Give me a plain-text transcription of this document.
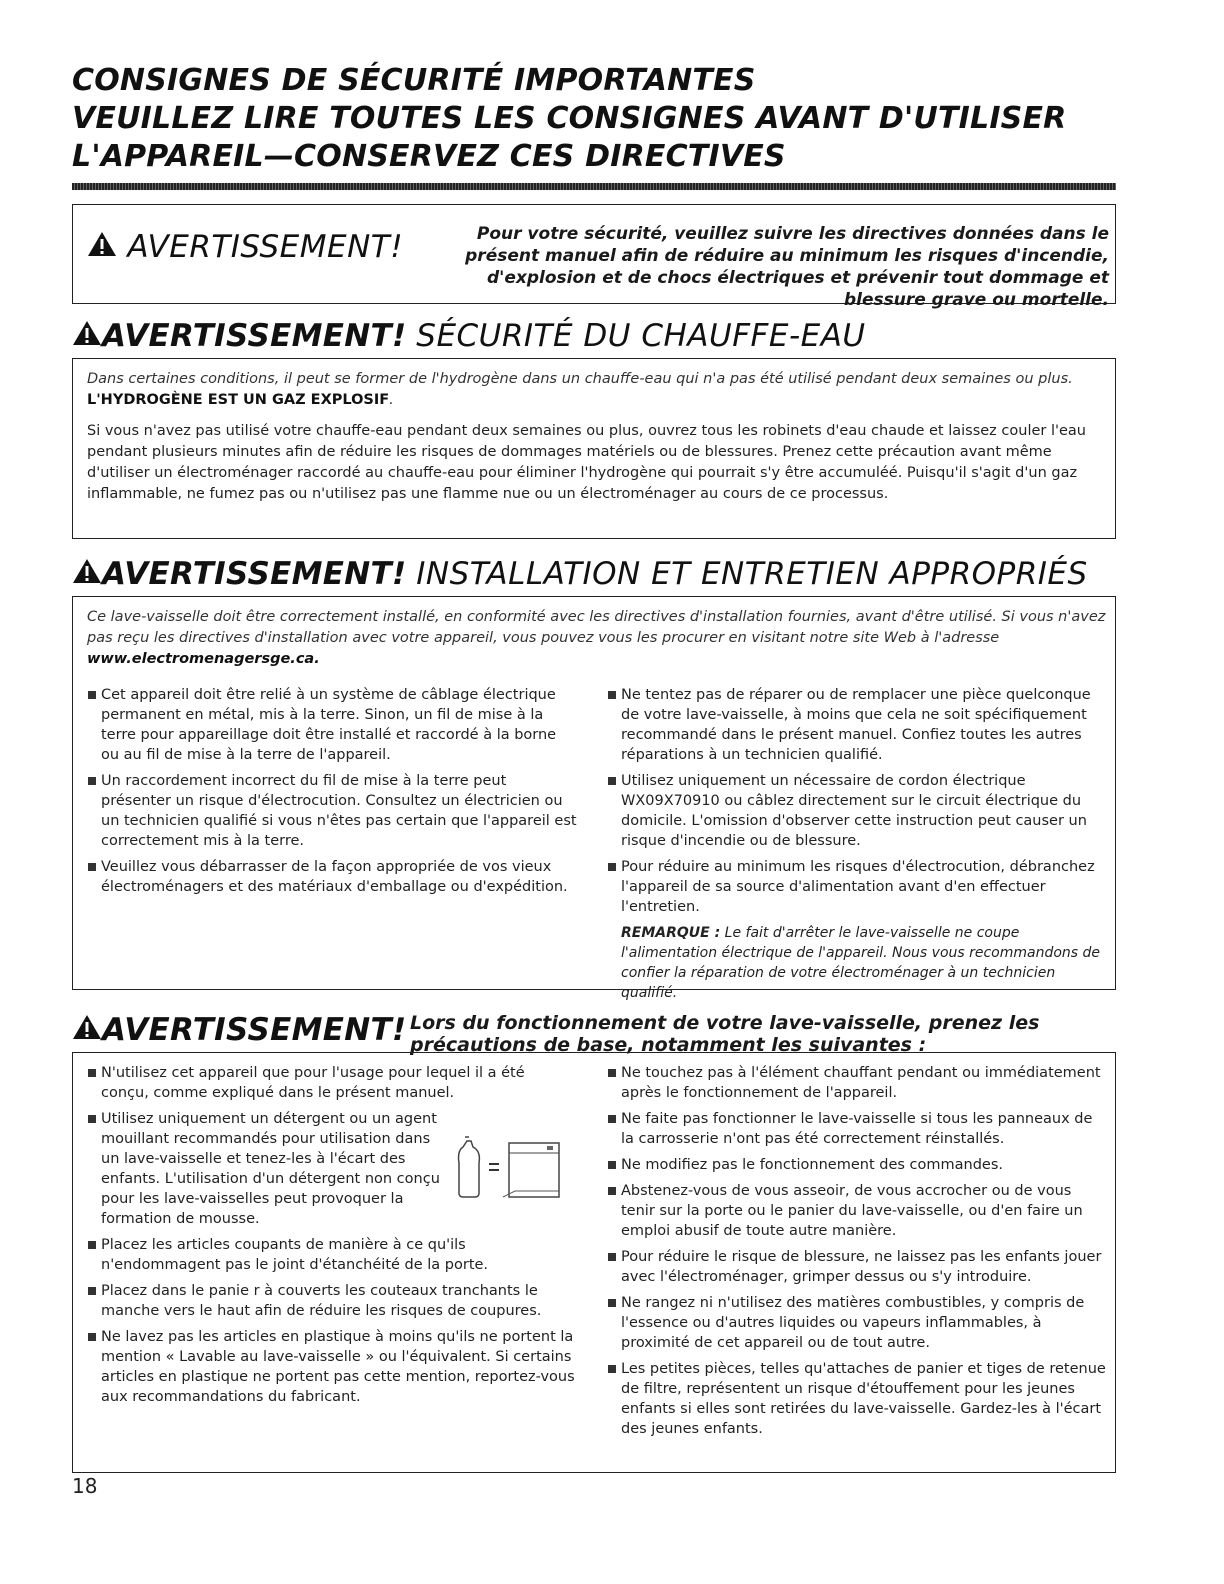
CONSIGNES DE SÉCURITÉ IMPORTANTES
VEUILLEZ LIRE TOUTES LES CONSIGNES AVANT D'UTILISER
L'APPAREIL—CONSERVEZ CES DIRECTIVES
AVERTISSEMENT!	Pour votre sécurité, veuillez suivre les directives données dans le présent manuel afin de réduire au minimum les risques d'incendie, d'explosion et de chocs électriques et prévenir tout dommage et blessure grave ou mortelle.
AVERTISSEMENT! SÉCURITÉ DU CHAUFFE-EAU
Dans certaines conditions, il peut se former de l'hydrogène dans un chauffe-eau qui n'a pas été utilisé pendant deux semaines ou plus. L'HYDROGÈNE EST UN GAZ EXPLOSIF.
Si vous n'avez pas utilisé votre chauffe-eau pendant deux semaines ou plus, ouvrez tous les robinets d'eau chaude et laissez couler l'eau pendant plusieurs minutes afin de réduire les risques de dommages matériels ou de blessures. Prenez cette précaution avant même d'utiliser un électroménager raccordé au chauffe-eau pour éliminer l'hydrogène qui pourrait s'y être accumuléé. Puisqu'il s'agit d'un gaz inflammable, ne fumez pas ou n'utilisez pas une flamme nue ou un électroménager au cours de ce processus.
AVERTISSEMENT! INSTALLATION ET ENTRETIEN APPROPRIÉS
Ce lave-vaisselle doit être correctement installé, en conformité avec les directives d'installation fournies, avant d'être utilisé. Si vous n'avez pas reçu les directives d'installation avec votre appareil, vous pouvez vous les procurer en visitant notre site Web à l'adresse www.electromenagersge.ca.
Cet appareil doit être relié à un système de câblage électrique permanent en métal, mis à la terre. Sinon, un fil de mise à la terre pour appareillage doit être installé et raccordé à la borne ou au fil de mise à la terre de l'appareil.
Un raccordement incorrect du fil de mise à la terre peut présenter un risque d'électrocution. Consultez un électricien ou un technicien qualifié si vous n'êtes pas certain que l'appareil est correctement mis à la terre.
Veuillez vous débarrasser de la façon appropriée de vos vieux électroménagers et des matériaux d'emballage ou d'expédition.
Ne tentez pas de réparer ou de remplacer une pièce quelconque de votre lave-vaisselle, à moins que cela ne soit spécifiquement recommandé dans le présent manuel. Confiez toutes les autres réparations à un technicien qualifié.
Utilisez uniquement un nécessaire de cordon électrique WX09X70910 ou câblez directement sur le circuit électrique du domicile. L'omission d'observer cette instruction peut causer un risque d'incendie ou de blessure.
Pour réduire au minimum les risques d'électrocution, débranchez l'appareil de sa source d'alimentation avant d'en effectuer l'entretien.
REMARQUE : Le fait d'arrêter le lave-vaisselle ne coupe l'alimentation électrique de l'appareil. Nous vous recommandons de confier la réparation de votre électroménager à un technicien qualifié.
AVERTISSEMENT! Lors du fonctionnement de votre lave-vaisselle, prenez les précautions de base, notamment les suivantes :
N'utilisez cet appareil que pour l'usage pour lequel il a été conçu, comme expliqué dans le présent manuel.
Utilisez uniquement un détergent ou un agent mouillant recommandés pour utilisation dans un lave-vaisselle et tenez-les à l'écart des enfants. L'utilisation d'un détergent non conçu pour les lave-vaisselles peut provoquer la formation de mousse.
Placez les articles coupants de manière à ce qu'ils n'endommagent pas le joint d'étanchéité de la porte.
Placez dans le panie r à couverts les couteaux tranchants le manche vers le haut afin de réduire les risques de coupures.
Ne lavez pas les articles en plastique à moins qu'ils ne portent la mention « Lavable au lave-vaisselle » ou l'équivalent. Si certains articles en plastique ne portent pas cette mention, reportez-vous aux recommandations du fabricant.
Ne touchez pas à l'élément chauffant pendant ou immédiatement après le fonctionnement de l'appareil.
Ne faite pas fonctionner le lave-vaisselle si tous les panneaux de la carrosserie n'ont pas été correctement réinstallés.
Ne modifiez pas le fonctionnement des commandes.
Abstenez-vous de vous asseoir, de vous accrocher ou de vous tenir sur la porte ou le panier du lave-vaisselle, ou d'en faire un emploi abusif de toute autre manière.
Pour réduire le risque de blessure, ne laissez pas les enfants jouer avec l'électroménager, grimper dessus ou s'y introduire.
Ne rangez ni n'utilisez des matières combustibles, y compris de l'essence ou d'autres liquides ou vapeurs inflammables, à proximité de cet appareil ou de tout autre.
Les petites pièces, telles qu'attaches de panier et tiges de retenue de filtre, représentent un risque d'étouffement pour les jeunes enfants si elles sont retirées du lave-vaisselle. Gardez-les à l'écart des jeunes enfants.
18
